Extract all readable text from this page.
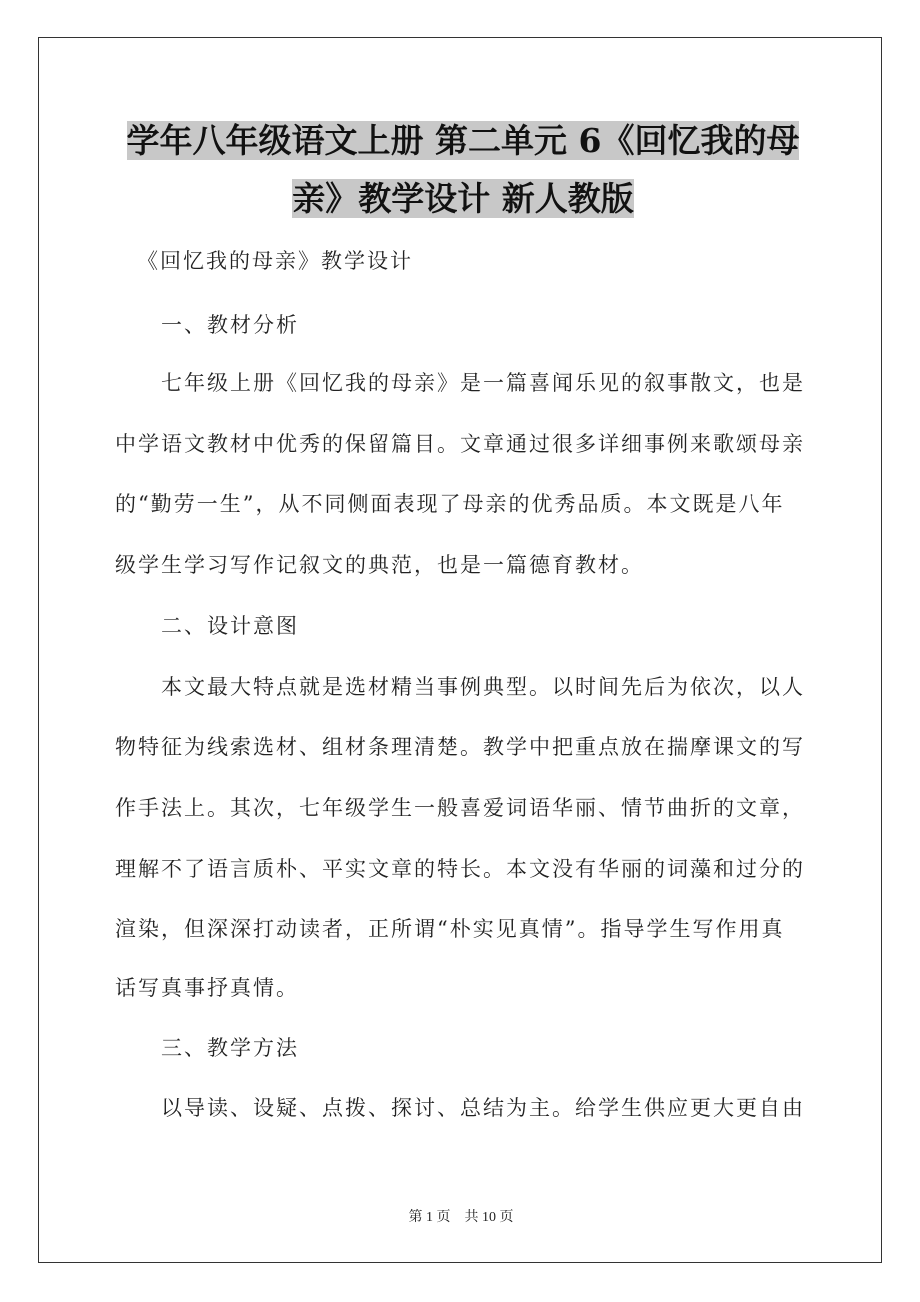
学年八年级语文上册 第二单元 6《回忆我的母
亲》教学设计 新人教版
《回忆我的母亲》教学设计
一、教材分析
七年级上册《回忆我的母亲》是一篇喜闻乐见的叙事散文，也是
中学语文教材中优秀的保留篇目。文章通过很多详细事例来歌颂母亲
的“勤劳一生”，从不同侧面表现了母亲的优秀品质。本文既是八年
级学生学习写作记叙文的典范，也是一篇德育教材。
二、设计意图
本文最大特点就是选材精当事例典型。以时间先后为依次，以人
物特征为线索选材、组材条理清楚。教学中把重点放在揣摩课文的写
作手法上。其次，七年级学生一般喜爱词语华丽、情节曲折的文章，
理解不了语言质朴、平实文章的特长。本文没有华丽的词藻和过分的
渲染，但深深打动读者，正所谓“朴实见真情”。指导学生写作用真
话写真事抒真情。
三、教学方法
以导读、设疑、点拨、探讨、总结为主。给学生供应更大更自由
第 1 页　共 10 页
